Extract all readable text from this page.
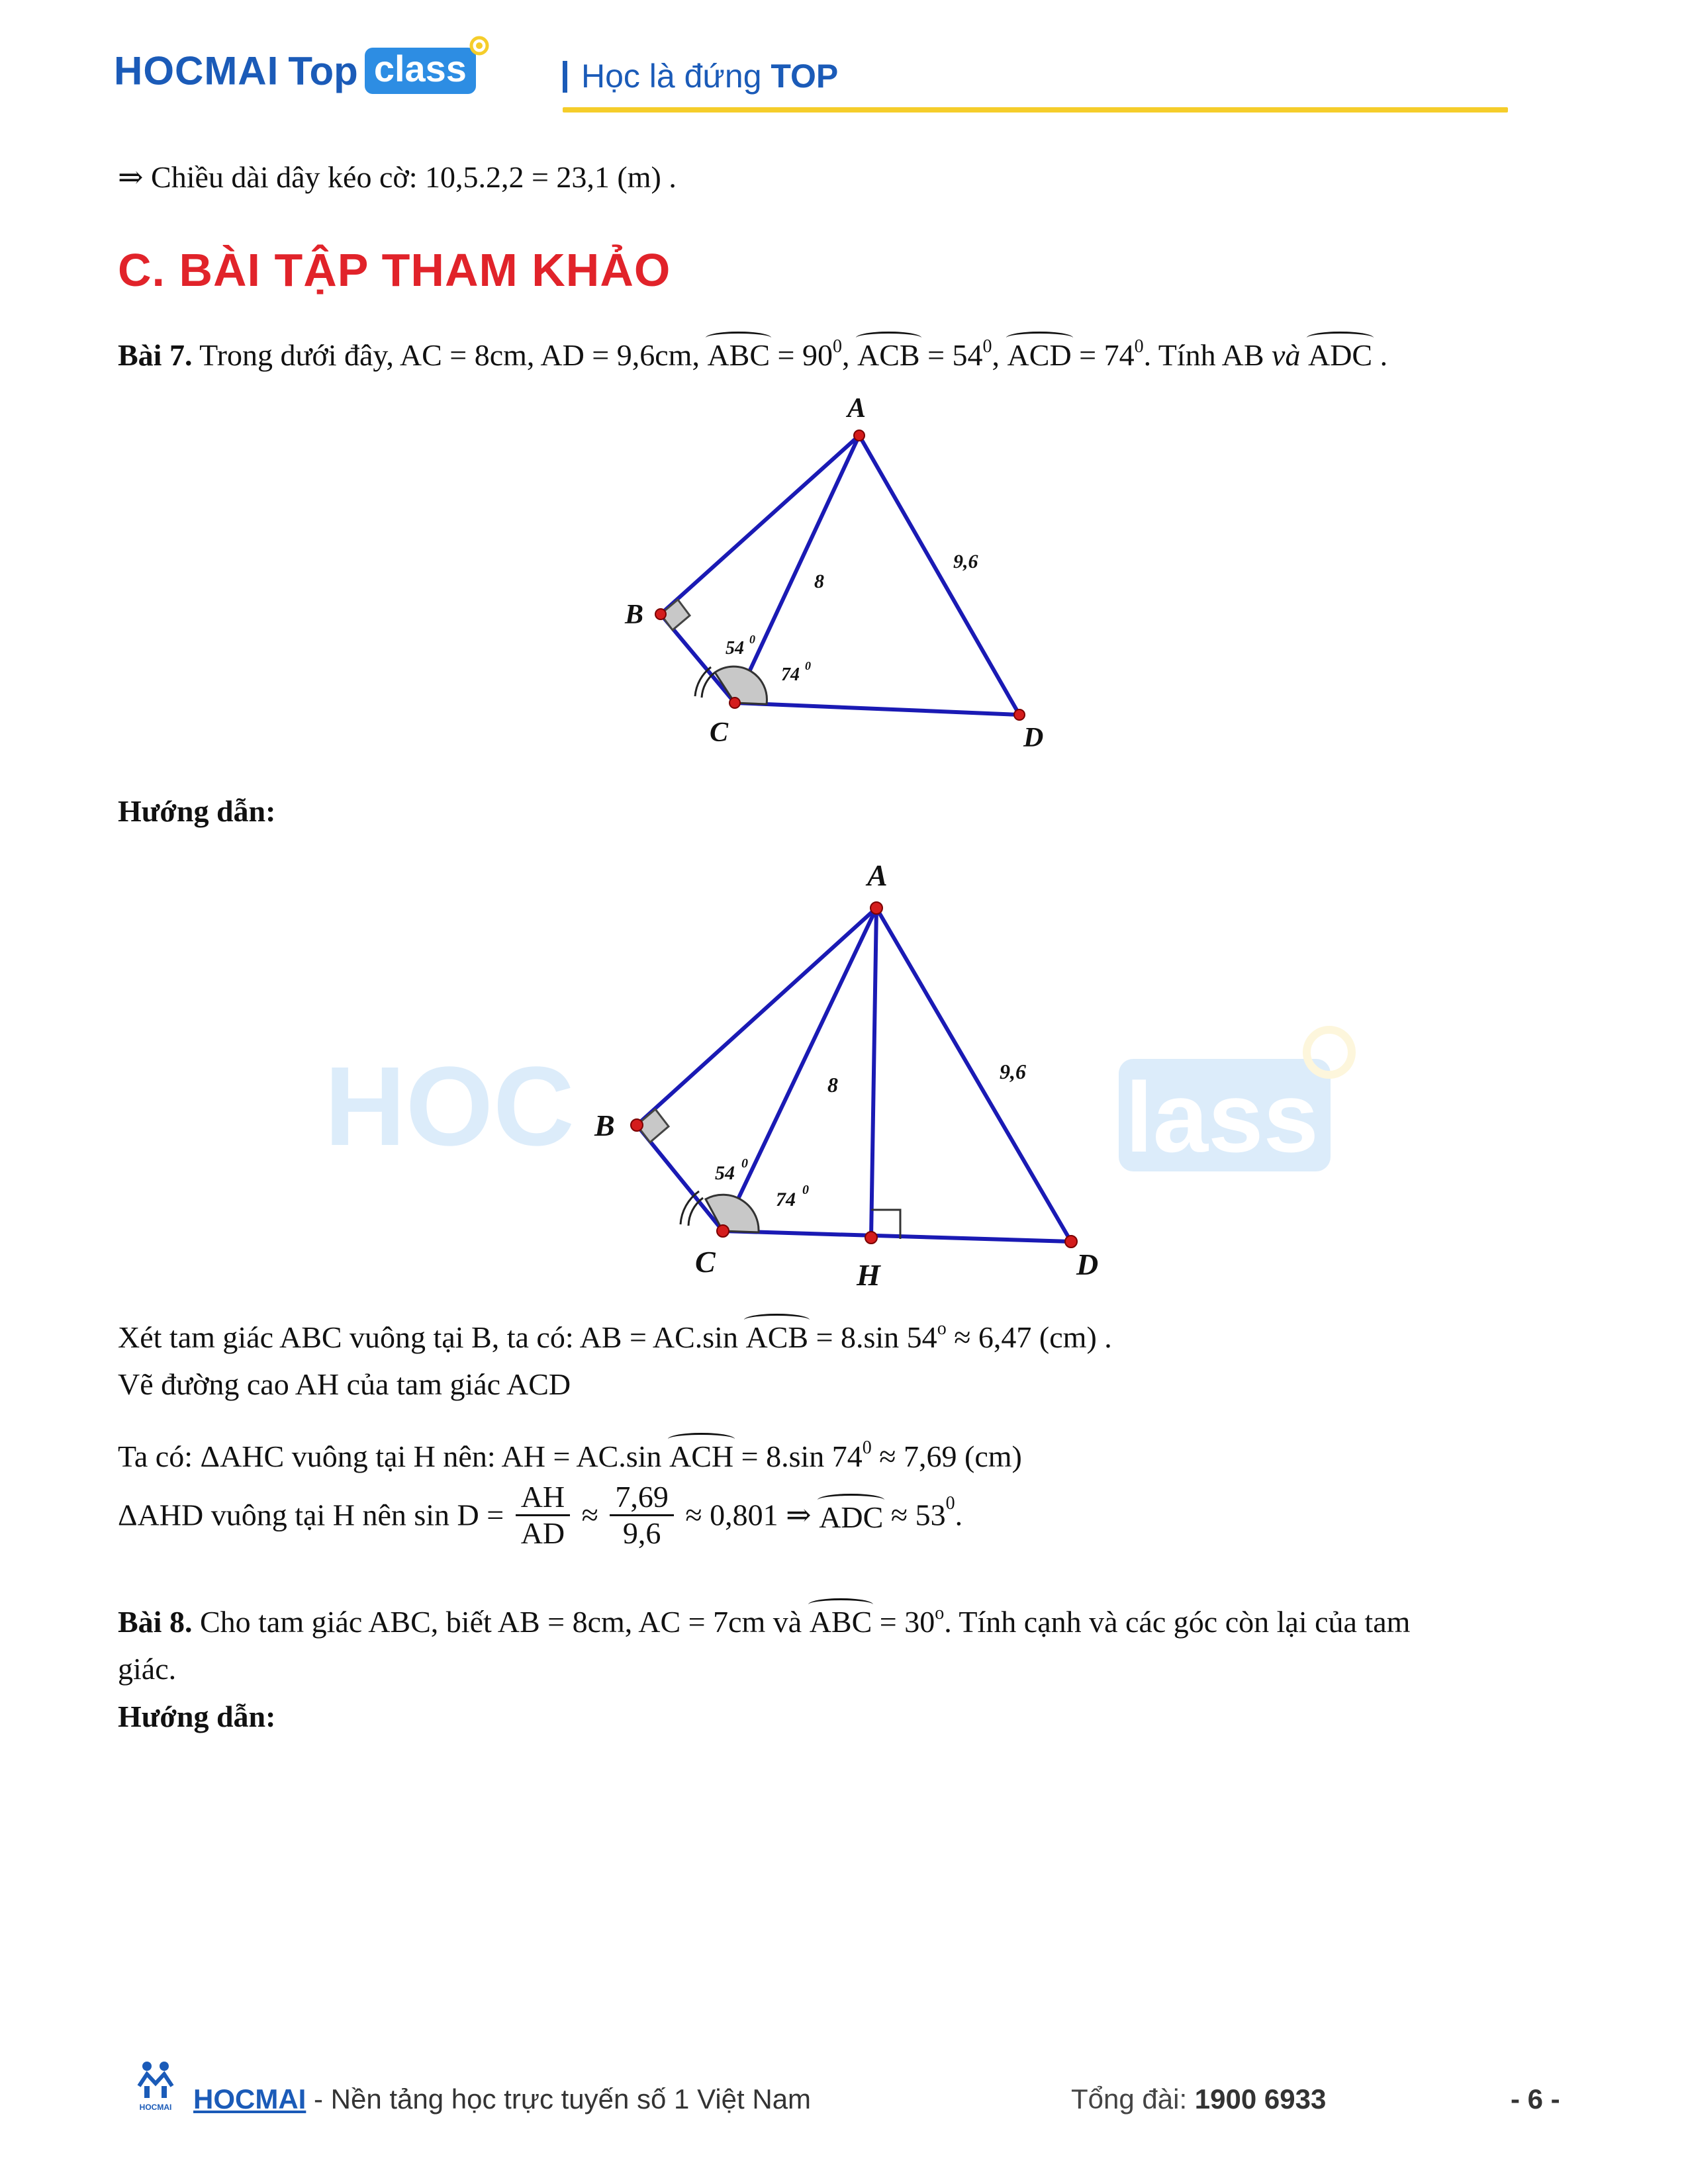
HOCMAI Top class	Học là đứng TOP
⇒ Chiều dài dây kéo cờ: 10,5.2,2 = 23,1 (m) .
C. BÀI TẬP THAM KHẢO
Bài 7. Trong dưới đây, AC = 8cm, AD = 9,6cm, ABC = $90^0$, ACB = $54^0$, ACD = $74^0$. Tính AB và ADC .
A
B
C	D
8
9,6
54 0
74 0
Hướng dẫn:
HOC	lass
A
B
C	H	D
8
9,6
54 0
74 0
Xét tam giác ABC vuông tại B, ta có: AB = AC.sin ACB = 8.sin $54^o \approx 6,47$ (cm) .
Vẽ đường cao AH của tam giác ACD
Ta có: ΔAHC vuông tại H nên: AH = AC.sin ACH = 8.sin $74^0 \approx 7,69$ (cm)
ΔAHD vuông tại H nên $\sin D = \frac{AH}{AD} \approx \frac{7,69}{9,6} \approx 0,801$ ⇒ ADC ≈ $53^0$.
Bài 8. Cho tam giác ABC, biết AB = 8cm, AC = 7cm và ABC = $30^o$. Tính cạnh và các góc còn lại của tam
giác.
Hướng dẫn:
HOCMAI HOCMAI - Nền tảng học trực tuyến số 1 Việt Nam	Tổng đài: 1900 6933	- 6 -
